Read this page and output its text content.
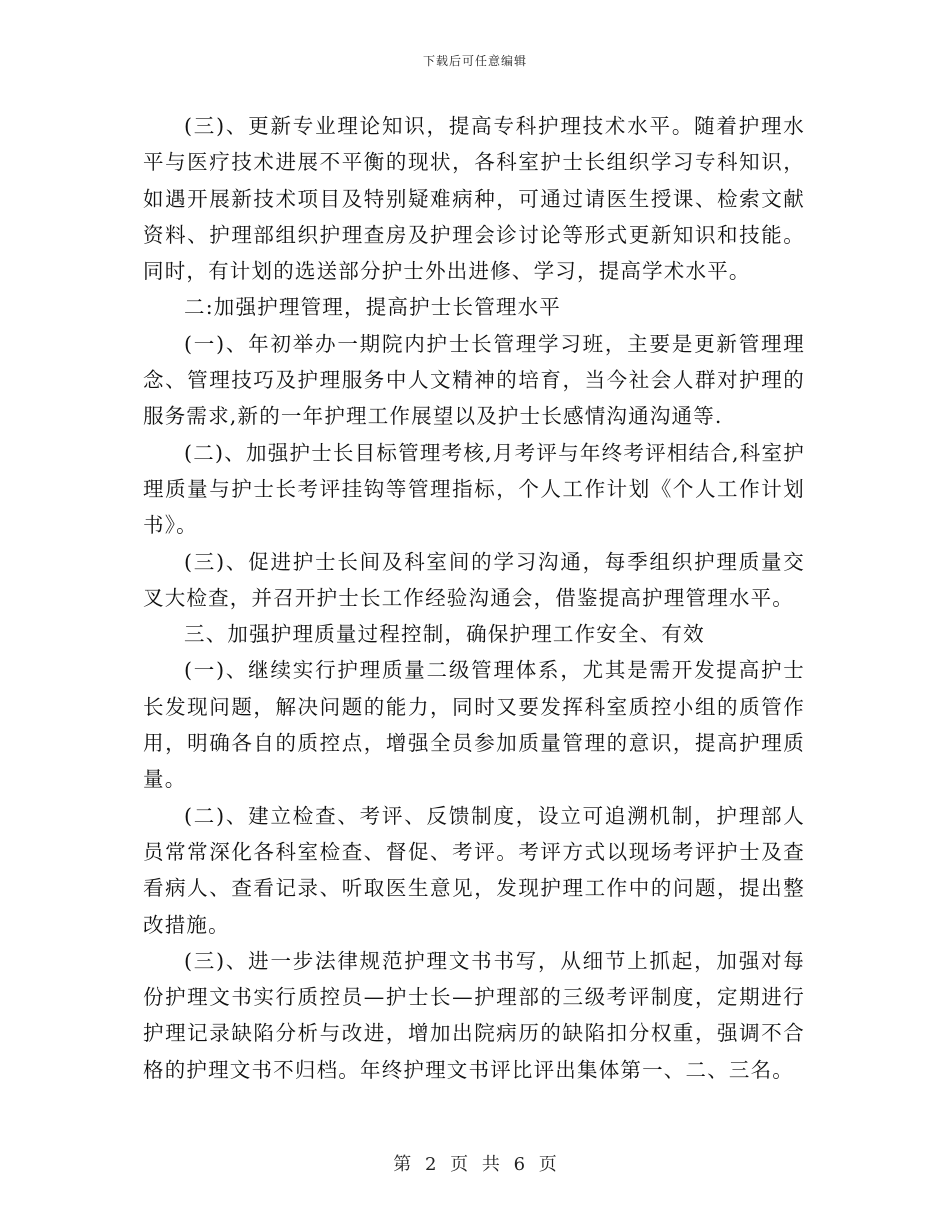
下载后可任意编辑

(三)、更新专业理论知识，提高专科护理技术水平。随着护理水平与医疗技术进展不平衡的现状，各科室护士长组织学习专科知识，如遇开展新技术项目及特别疑难病种，可通过请医生授课、检索文献资料、护理部组织护理查房及护理会诊讨论等形式更新知识和技能。同时，有计划的选送部分护士外出进修、学习，提高学术水平。

二:加强护理管理，提高护士长管理水平

(一)、年初举办一期院内护士长管理学习班，主要是更新管理理念、管理技巧及护理服务中人文精神的培育，当今社会人群对护理的服务需求,新的一年护理工作展望以及护士长感情沟通沟通等.

(二)、加强护士长目标管理考核,月考评与年终考评相结合,科室护理质量与护士长考评挂钩等管理指标，个人工作计划《个人工作计划书》。

(三)、促进护士长间及科室间的学习沟通，每季组织护理质量交叉大检查，并召开护士长工作经验沟通会，借鉴提高护理管理水平。

三、加强护理质量过程控制，确保护理工作安全、有效

(一)、继续实行护理质量二级管理体系，尤其是需开发提高护士长发现问题，解决问题的能力，同时又要发挥科室质控小组的质管作用，明确各自的质控点，增强全员参加质量管理的意识，提高护理质量。

(二)、建立检查、考评、反馈制度，设立可追溯机制，护理部人员常常深化各科室检查、督促、考评。考评方式以现场考评护士及查看病人、查看记录、听取医生意见，发现护理工作中的问题，提出整改措施。

(三)、进一步法律规范护理文书书写，从细节上抓起，加强对每份护理文书实行质控员—护士长—护理部的三级考评制度，定期进行护理记录缺陷分析与改进，增加出院病历的缺陷扣分权重，强调不合格的护理文书不归档。年终护理文书评比评出集体第一、二、三名。

第 2 页 共 6 页
